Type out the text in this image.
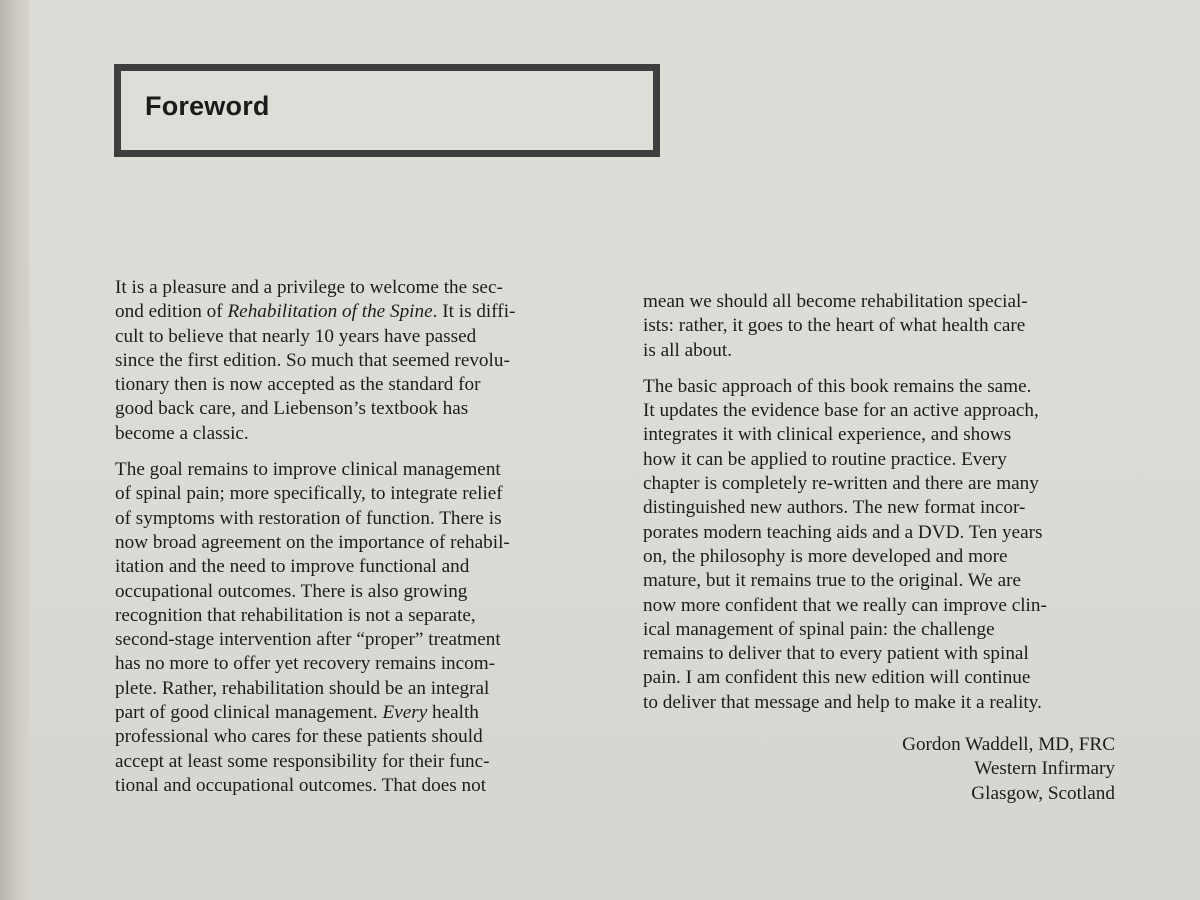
Foreword

It is a pleasure and a privilege to welcome the sec-
ond edition of Rehabilitation of the Spine. It is diffi-
cult to believe that nearly 10 years have passed
since the first edition. So much that seemed revolu-
tionary then is now accepted as the standard for
good back care, and Liebenson’s textbook has
become a classic.

The goal remains to improve clinical management
of spinal pain; more specifically, to integrate relief
of symptoms with restoration of function. There is
now broad agreement on the importance of rehabil-
itation and the need to improve functional and
occupational outcomes. There is also growing
recognition that rehabilitation is not a separate,
second-stage intervention after “proper” treatment
has no more to offer yet recovery remains incom-
plete. Rather, rehabilitation should be an integral
part of good clinical management. Every health
professional who cares for these patients should
accept at least some responsibility for their func-
tional and occupational outcomes. That does not

mean we should all become rehabilitation special-
ists: rather, it goes to the heart of what health care
is all about.

The basic approach of this book remains the same.
It updates the evidence base for an active approach,
integrates it with clinical experience, and shows
how it can be applied to routine practice. Every
chapter is completely re-written and there are many
distinguished new authors. The new format incor-
porates modern teaching aids and a DVD. Ten years
on, the philosophy is more developed and more
mature, but it remains true to the original. We are
now more confident that we really can improve clin-
ical management of spinal pain: the challenge
remains to deliver that to every patient with spinal
pain. I am confident this new edition will continue
to deliver that message and help to make it a reality.

Gordon Waddell, MD, FRC
Western Infirmary
Glasgow, Scotland
